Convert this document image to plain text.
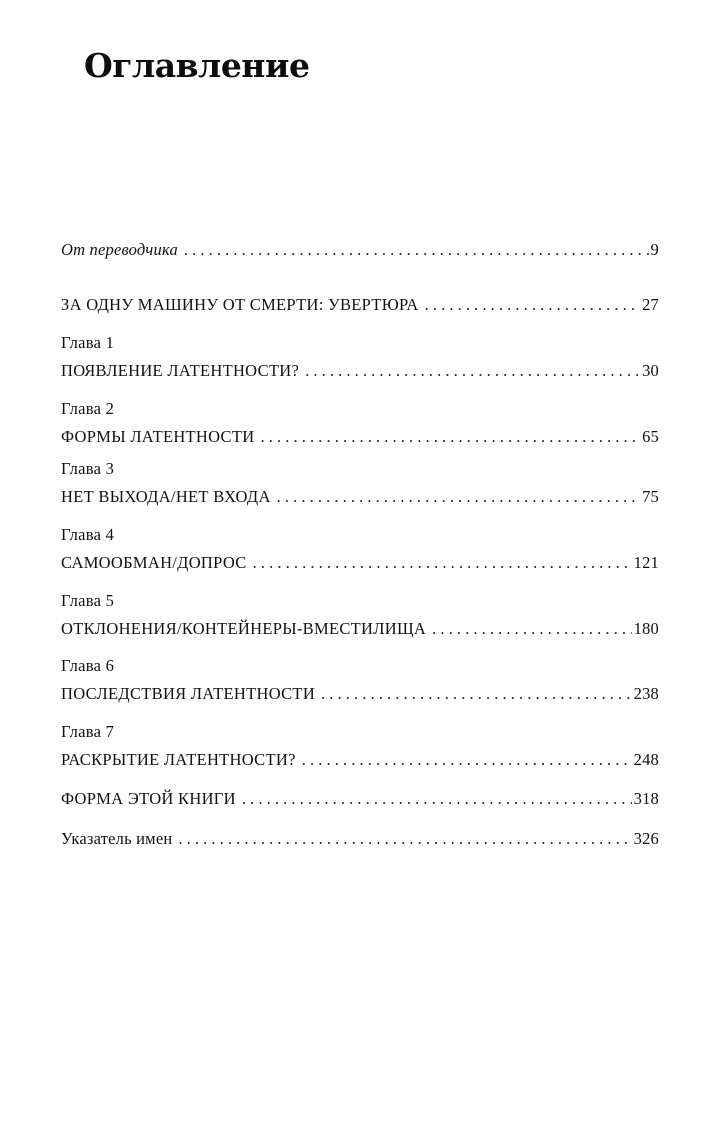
Оглавление
От переводчика . . .	9
ЗА ОДНУ МАШИНУ ОТ СМЕРТИ: УВЕРТЮРА . . .	27
Глава 1
ПОЯВЛЕНИЕ ЛАТЕНТНОСТИ? . . .	30
Глава 2
ФОРМЫ ЛАТЕНТНОСТИ . . .	65
Глава 3
НЕТ ВЫХОДА/НЕТ ВХОДА . . .	75
Глава 4
САМООБМАН/ДОПРОС . . .	121
Глава 5
ОТКЛОНЕНИЯ/КОНТЕЙНЕРЫ-ВМЕСТИЛИЩА . . .	180
Глава 6
ПОСЛЕДСТВИЯ ЛАТЕНТНОСТИ . . .	238
Глава 7
РАСКРЫТИЕ ЛАТЕНТНОСТИ? . . .	248
ФОРМА ЭТОЙ КНИГИ . . .	318
Указатель имен . . .	326
